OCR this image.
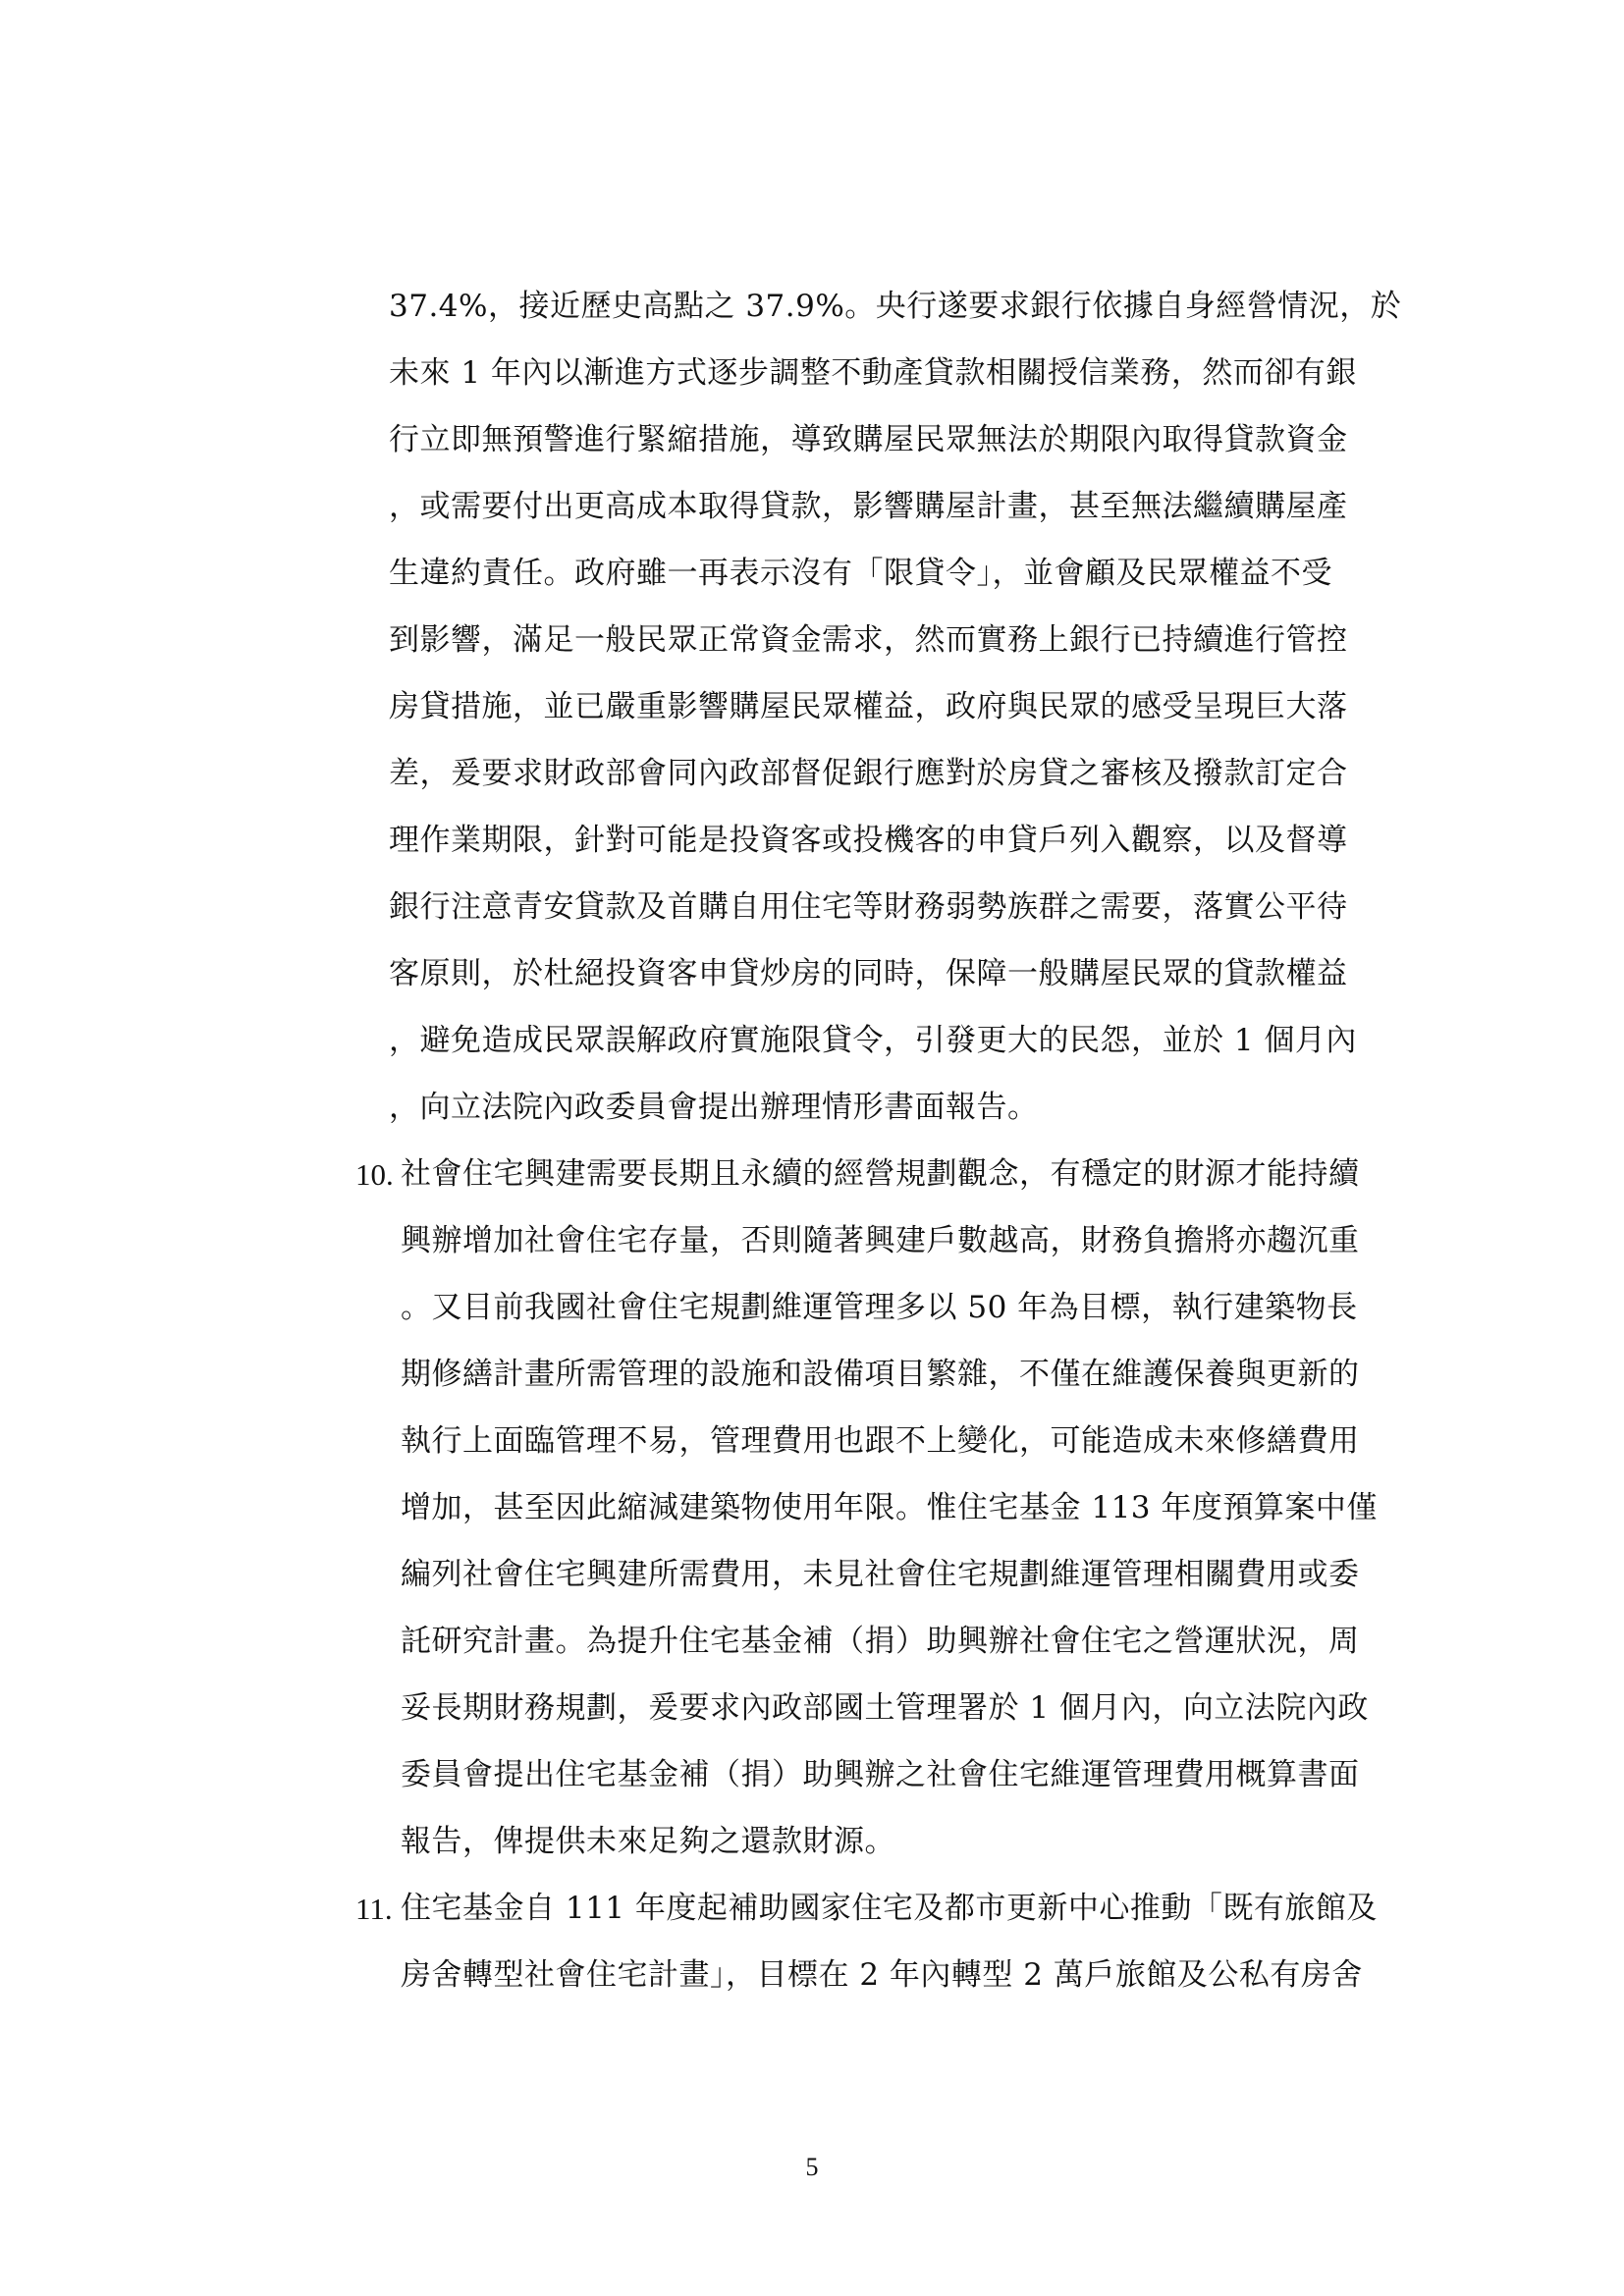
37.4%，接近歷史高點之 37.9%。央行遂要求銀行依據自身經營情況，於
未來 1 年內以漸進方式逐步調整不動產貸款相關授信業務，然而卻有銀
行立即無預警進行緊縮措施，導致購屋民眾無法於期限內取得貸款資金
，或需要付出更高成本取得貸款，影響購屋計畫，甚至無法繼續購屋產
生違約責任。政府雖一再表示沒有「限貸令」，並會顧及民眾權益不受
到影響，滿足一般民眾正常資金需求，然而實務上銀行已持續進行管控
房貸措施，並已嚴重影響購屋民眾權益，政府與民眾的感受呈現巨大落
差，爰要求財政部會同內政部督促銀行應對於房貸之審核及撥款訂定合
理作業期限，針對可能是投資客或投機客的申貸戶列入觀察，以及督導
銀行注意青安貸款及首購自用住宅等財務弱勢族群之需要，落實公平待
客原則，於杜絕投資客申貸炒房的同時，保障一般購屋民眾的貸款權益
，避免造成民眾誤解政府實施限貸令，引發更大的民怨，並於 1 個月內
，向立法院內政委員會提出辦理情形書面報告。
10. 社會住宅興建需要長期且永續的經營規劃觀念，有穩定的財源才能持續
興辦增加社會住宅存量，否則隨著興建戶數越高，財務負擔將亦趨沉重
。又目前我國社會住宅規劃維運管理多以 50 年為目標，執行建築物長
期修繕計畫所需管理的設施和設備項目繁雜，不僅在維護保養與更新的
執行上面臨管理不易，管理費用也跟不上變化，可能造成未來修繕費用
增加，甚至因此縮減建築物使用年限。惟住宅基金 113 年度預算案中僅
編列社會住宅興建所需費用，未見社會住宅規劃維運管理相關費用或委
託研究計畫。為提升住宅基金補（捐）助興辦社會住宅之營運狀況，周
妥長期財務規劃，爰要求內政部國土管理署於 1 個月內，向立法院內政
委員會提出住宅基金補（捐）助興辦之社會住宅維運管理費用概算書面
報告，俾提供未來足夠之還款財源。
11. 住宅基金自 111 年度起補助國家住宅及都市更新中心推動「既有旅館及
房舍轉型社會住宅計畫」，目標在 2 年內轉型 2 萬戶旅館及公私有房舍
5
